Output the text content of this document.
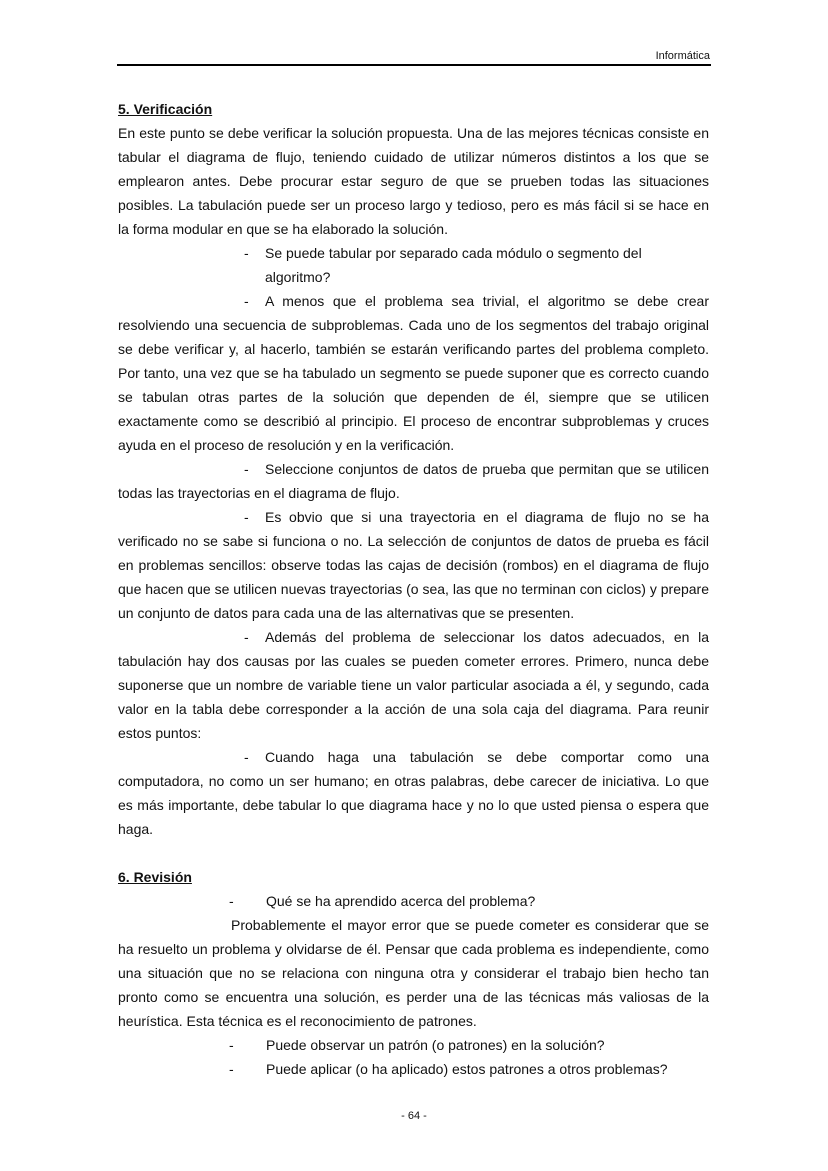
Informática
5. Verificación
En este punto se debe verificar la solución propuesta. Una de las mejores técnicas consiste en tabular el diagrama de flujo, teniendo cuidado de utilizar números distintos a los que se emplearon antes. Debe procurar estar seguro de que se prueben todas las situaciones posibles. La tabulación puede ser un proceso largo y tedioso, pero es más fácil si se hace en la forma modular en que se ha elaborado la solución.
-	Se puede tabular por separado cada módulo o segmento del algoritmo?
-	A menos que el problema sea trivial, el algoritmo se debe crear
resolviendo una secuencia de subproblemas. Cada uno de los segmentos del trabajo original se debe verificar y, al hacerlo, también se estarán verificando partes del problema completo. Por tanto, una vez que se ha tabulado un segmento se puede suponer que es correcto cuando se tabulan otras partes de la solución que dependen de él, siempre que se utilicen exactamente como se describió al principio. El proceso de encontrar subproblemas y cruces ayuda en el proceso de resolución y en la verificación.
-	Seleccione conjuntos de datos de prueba que permitan que se utilicen
todas las trayectorias en el diagrama de flujo.
-	Es obvio que si una trayectoria en el diagrama de flujo no se ha
verificado no se sabe si funciona o no. La selección de conjuntos de datos de prueba es fácil en problemas sencillos: observe todas las cajas de decisión (rombos) en el diagrama de flujo que hacen que se utilicen nuevas trayectorias (o sea, las que no terminan con ciclos) y prepare un conjunto de datos para cada una de las alternativas que se presenten.
-	Además del problema de seleccionar los datos adecuados, en la
tabulación hay dos causas por las cuales se pueden cometer errores. Primero, nunca debe suponerse que un nombre de variable tiene un valor particular asociada a él, y segundo, cada valor en la tabla debe corresponder a la acción de una sola caja del diagrama. Para reunir estos puntos:
-	Cuando haga una tabulación se debe comportar como una
computadora, no como un ser humano; en otras palabras, debe carecer de iniciativa. Lo que es más importante, debe tabular lo que diagrama hace y no lo que usted piensa o espera que haga.
6. Revisión
-	Qué se ha aprendido acerca del problema?
Probablemente el mayor error que se puede cometer es considerar que se ha resuelto un problema y olvidarse de él. Pensar que cada problema es independiente, como una situación que no se relaciona con ninguna otra y considerar el trabajo bien hecho tan pronto como se encuentra una solución, es perder una de las técnicas más valiosas de la heurística. Esta técnica es el reconocimiento de patrones.
-	Puede observar un patrón (o patrones) en la solución?
-	Puede aplicar (o ha aplicado) estos patrones a otros problemas?
- 64 -
